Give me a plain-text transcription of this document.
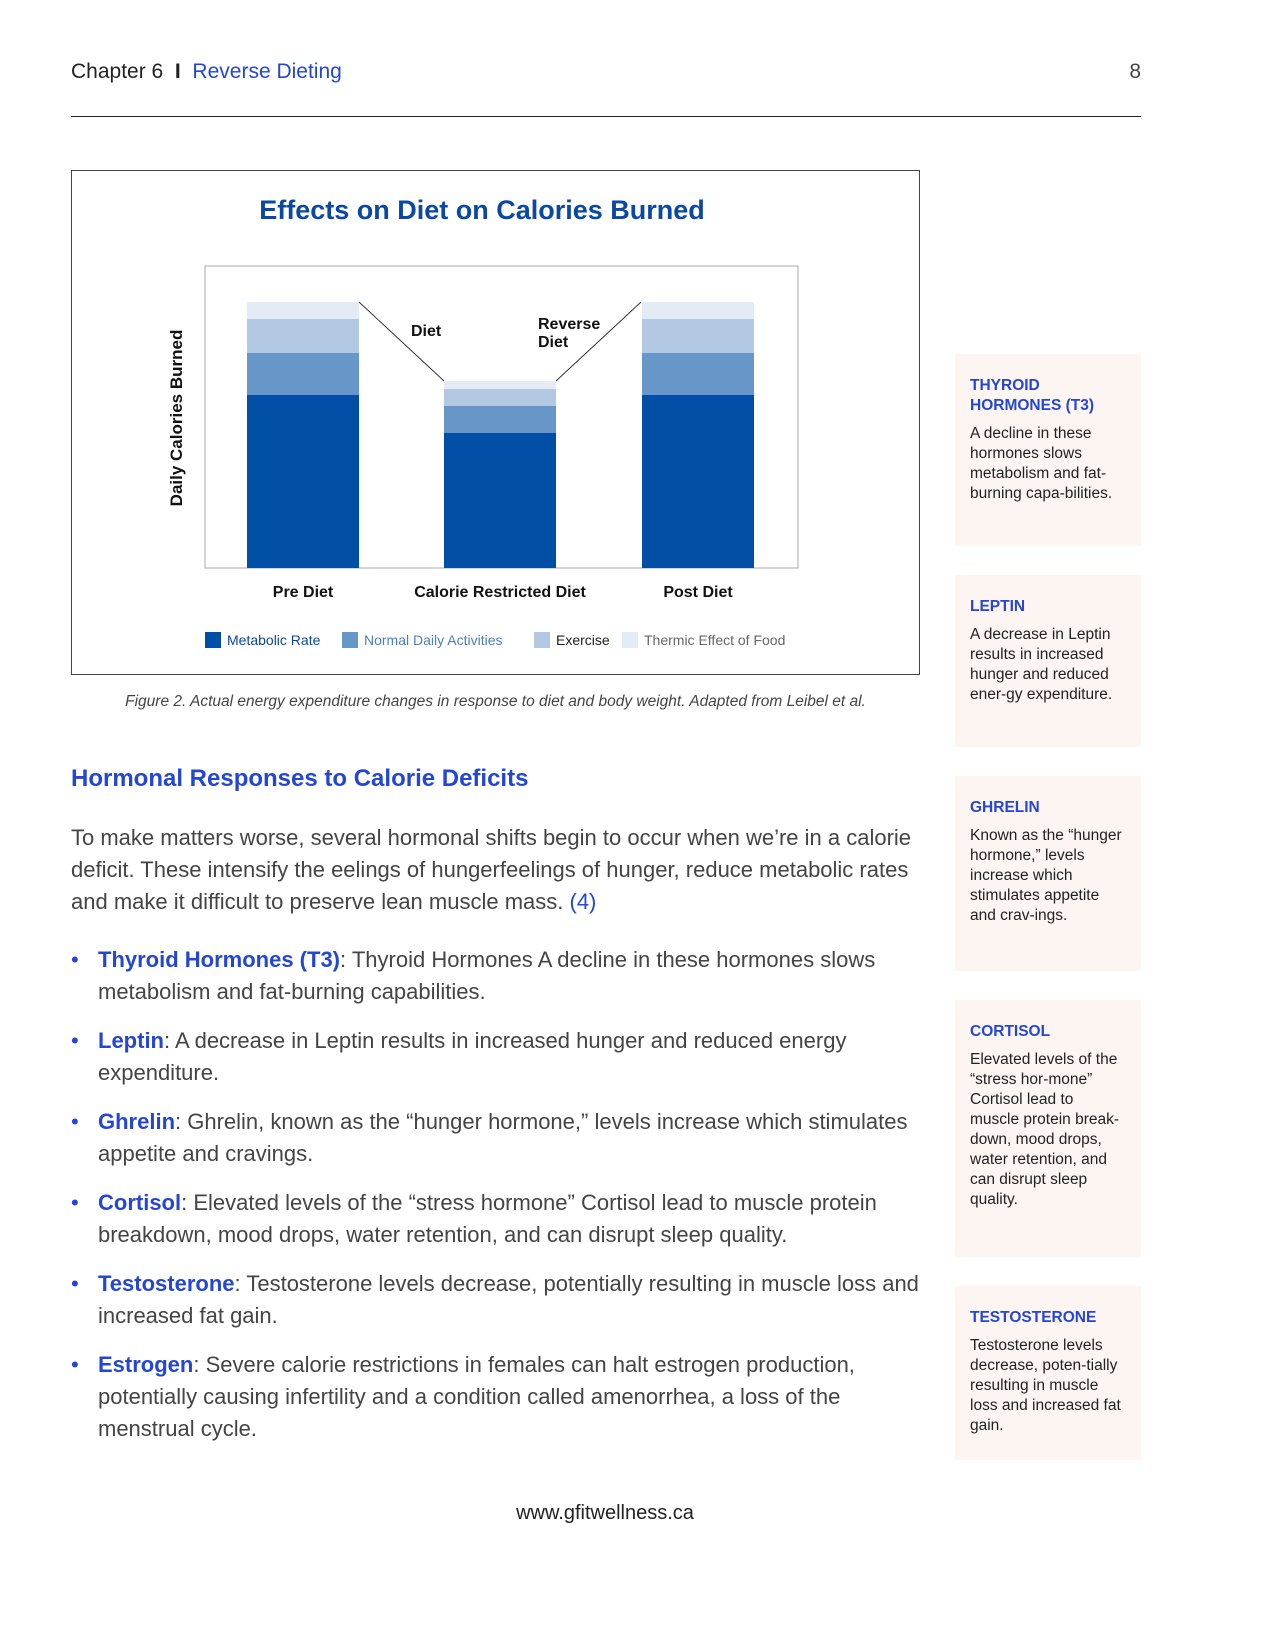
Chapter 6 I Reverse Dieting	8
Effects on Diet on Calories Burned
Daily Calories Burned	Diet	Reverse Diet
Pre Diet	Calorie Restricted Diet	Post Diet
Metabolic Rate	Normal Daily Activities	Exercise Thermic Effect of Food
Figure 2. Actual energy expenditure changes in response to diet and body weight. Adapted from Leibel et al.
Hormonal Responses to Calorie Deficits

To make matters worse, several hormonal shifts begin to occur when we’re in a calorie deficit. These intensify the eelings of hungerfeelings of hunger, reduce metabolic rates and make it difficult to preserve lean muscle mass. (4)

• Thyroid Hormones (T3): Thyroid Hormones A decline in these hormones slows metabolism and fat-burning capabilities.
• Leptin: A decrease in Leptin results in increased hunger and reduced energy expenditure.
• Ghrelin: Ghrelin, known as the “hunger hormone,” levels increase which stimulates appetite and cravings.
• Cortisol: Elevated levels of the “stress hormone” Cortisol lead to muscle protein breakdown, mood drops, water retention, and can disrupt sleep quality.
• Testosterone: Testosterone levels decrease, potentially resulting in muscle loss and increased fat gain.
• Estrogen: Severe calorie restrictions in females can halt estrogen production, potentially causing infertility and a condition called amenorrhea, a loss of the menstrual cycle.
THYROID HORMONES (T3)

A decline in these hormones slows metabolism and fat-burning capa-bilities.

LEPTIN

A decrease in Leptin results in increased hunger and reduced ener-gy expenditure.

GHRELIN

Known as the “hunger hormone,” levels increase which stimulates appetite and crav-ings.

CORTISOL

Elevated levels of the “stress hor-mone” Cortisol lead to muscle protein break-down, mood drops, water retention, and can disrupt sleep quality.

TESTOSTERONE

Testosterone levels decrease, poten-tially resulting in muscle loss and increased fat gain.

www.gfitwellness.ca
